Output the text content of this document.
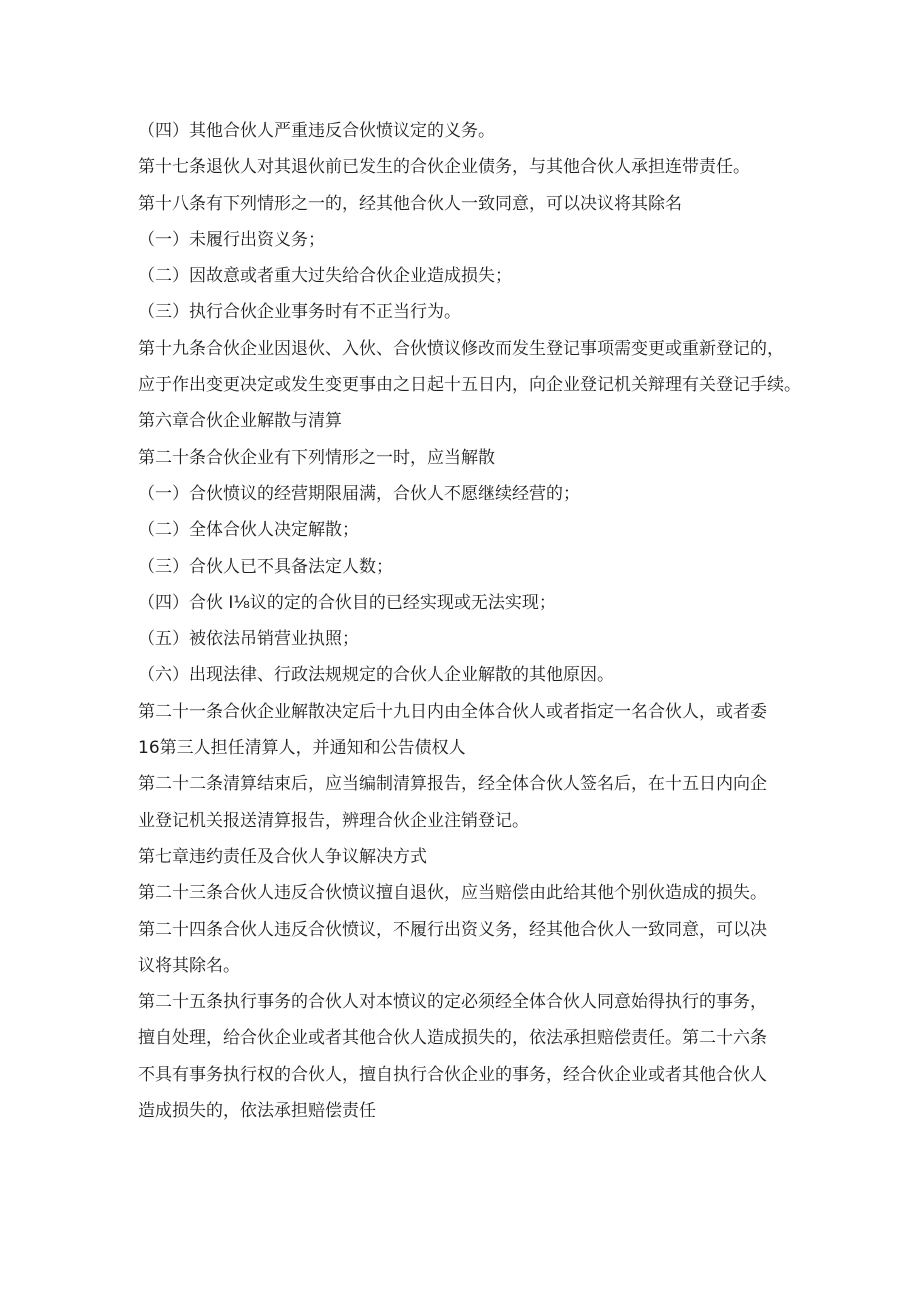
（四）其他合伙人严重违反合伙愤议定的义务。
第十七条退伙人对其退伙前已发生的合伙企业债务，与其他合伙人承担连带责任。
第十八条有下列情形之一的，经其他合伙人一致同意，可以决议将其除名
（一）未履行出资义务；
（二）因故意或者重大过失给合伙企业造成损失；
（三）执行合伙企业事务时有不正当行为。
第十九条合伙企业因退伙、入伙、合伙愤议修改而发生登记事项需变更或重新登记的，
应于作出变更决定或发生变更事由之日起十五日内，向企业登记机关辩理有关登记手续。
第六章合伙企业解散与清算
第二十条合伙企业有下列情形之一时，应当解散
（一）合伙愤议的经营期限届满，合伙人不愿继续经营的；
（二）全体合伙人决定解散；
（三）合伙人已不具备法定人数；
（四）合伙 I⅛议的定的合伙目的已经实现或无法实现；
（五）被依法吊销营业执照；
（六）出现法律、行政法规规定的合伙人企业解散的其他原因。
第二十一条合伙企业解散决定后十九日内由全体合伙人或者指定一名合伙人，或者委
16第三人担任清算人，并通知和公告债权人
第二十二条清算结束后，应当编制清算报告，经全体合伙人签名后，在十五日内向企
业登记机关报送清算报告，辨理合伙企业注销登记。
第七章违约责任及合伙人争议解决方式
第二十三条合伙人违反合伙愤议擅自退伙，应当赔偿由此给其他个别伙造成的损失。
第二十四条合伙人违反合伙愤议，不履行出资义务，经其他合伙人一致同意，可以决
议将其除名。
第二十五条执行事务的合伙人对本愤议的定必须经全体合伙人同意始得执行的事务，
擅自处理，给合伙企业或者其他合伙人造成损失的，依法承担赔偿责任。第二十六条
不具有事务执行权的合伙人，擅自执行合伙企业的事务，经合伙企业或者其他合伙人
造成损失的，依法承担赔偿责任
